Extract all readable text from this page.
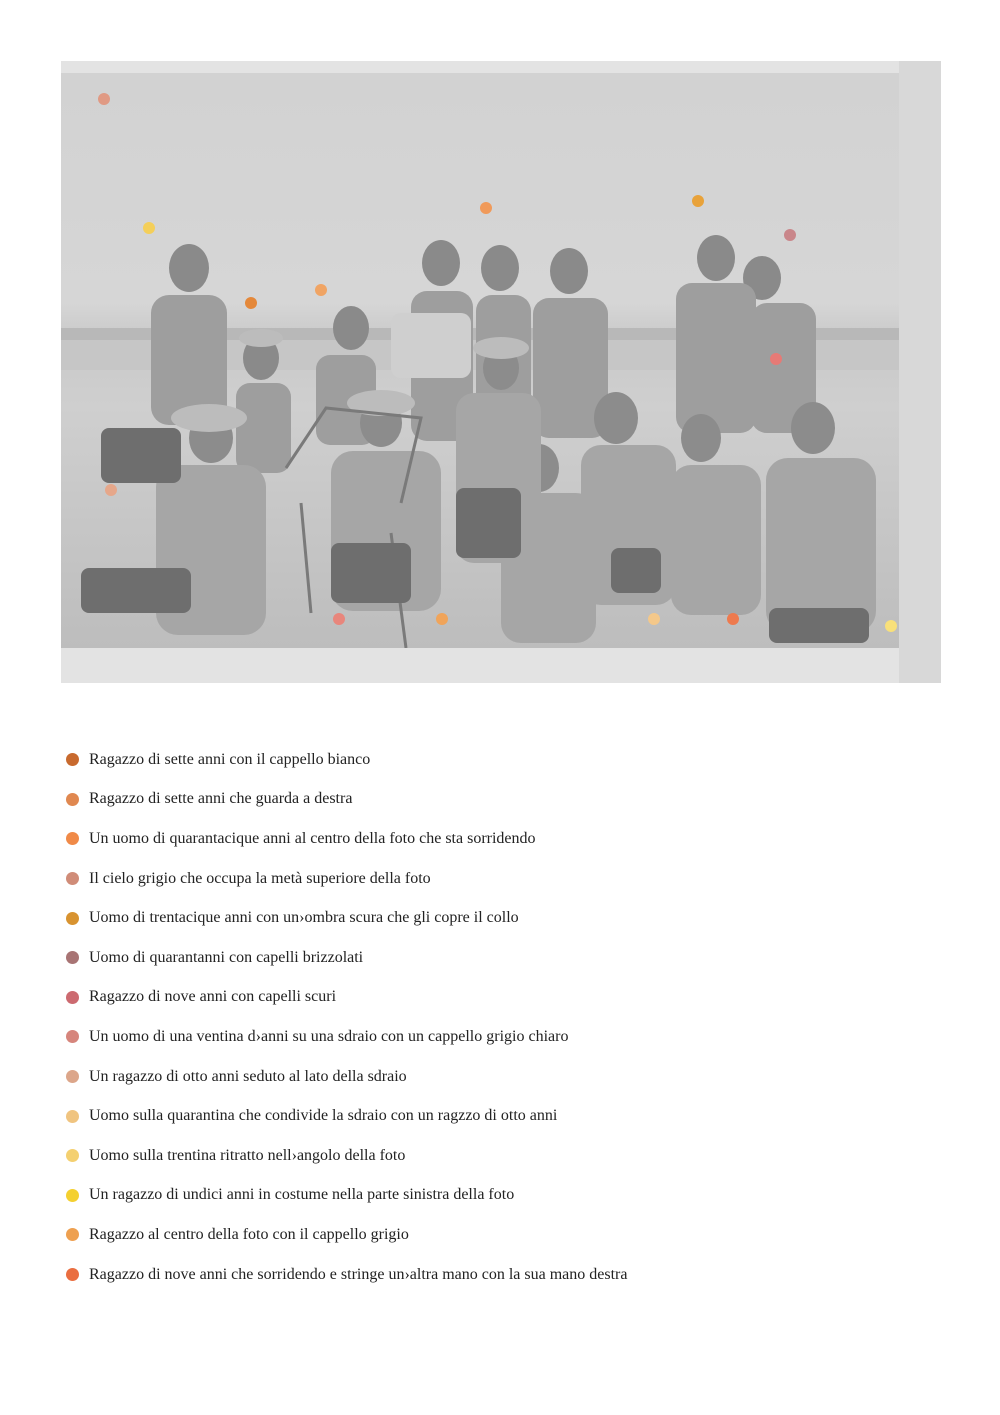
Ragazzo di sette anni con il cappello bianco
Ragazzo di sette anni che guarda a destra
Un uomo di quarantacique anni al centro della foto che sta sorridendo
Il cielo grigio che occupa la metà superiore della foto
Uomo di trentacique anni con un›ombra scura che gli copre il collo
Uomo di quarantanni con capelli brizzolati
Ragazzo di nove anni con capelli scuri
Un uomo di una ventina d›anni su una sdraio con un cappello grigio chiaro
Un ragazzo di otto anni seduto al lato della sdraio
Uomo sulla quarantina che condivide la sdraio con un ragzzo di otto anni
Uomo sulla trentina ritratto nell›angolo della foto
Un ragazzo di undici anni in costume nella parte sinistra della foto
Ragazzo al centro della foto con il cappello grigio
Ragazzo di nove anni che sorridendo e stringe un›altra mano con la sua mano destra
